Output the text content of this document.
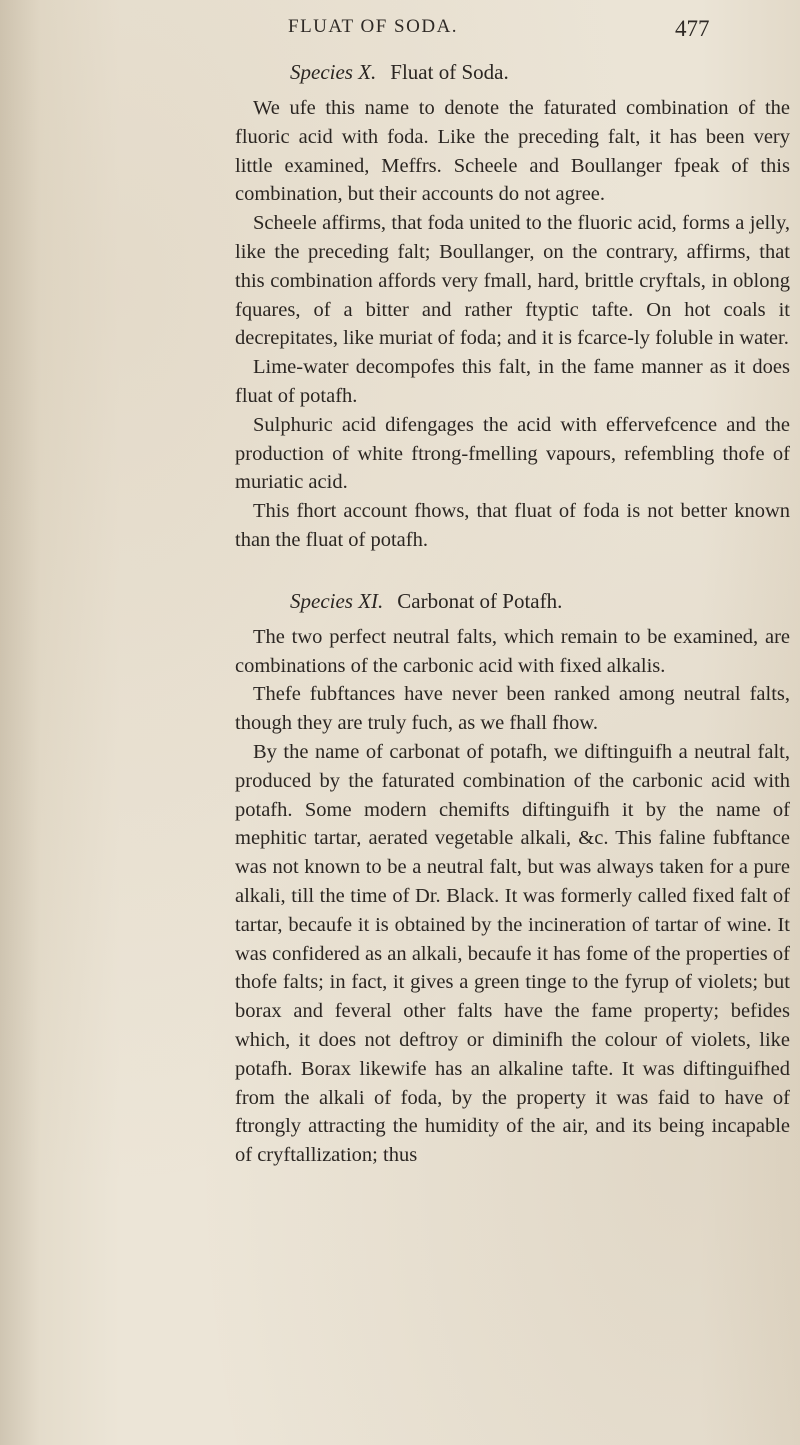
FLUAT OF SODA.	477
Species X. Fluat of Soda.

We ufe this name to denote the faturated combination of the fluoric acid with foda. Like the preceding falt, it has been very little examined, Meffrs. Scheele and Boullanger fpeak of this combination, but their accounts do not agree.

Scheele affirms, that foda united to the fluoric acid, forms a jelly, like the preceding falt; Boullanger, on the contrary, affirms, that this combination affords very fmall, hard, brittle cryftals, in oblong fquares, of a bitter and rather ftyptic tafte. On hot coals it decrepitates, like muriat of foda; and it is fcarce-ly foluble in water.

Lime-water decompofes this falt, in the fame manner as it does fluat of potafh.

Sulphuric acid difengages the acid with effervefcence and the production of white ftrong-fmelling vapours, refembling thofe of muriatic acid.

This fhort account fhows, that fluat of foda is not better known than the fluat of potafh.

Species XI. Carbonat of Potafh.

The two perfect neutral falts, which remain to be examined, are combinations of the carbonic acid with fixed alkalis.

Thefe fubftances have never been ranked among neutral falts, though they are truly fuch, as we fhall fhow.

By the name of carbonat of potafh, we diftinguifh a neutral falt, produced by the faturated combination of the carbonic acid with potafh. Some modern chemifts diftinguifh it by the name of mephitic tartar, aerated vegetable alkali, &c. This faline fubftance was not known to be a neutral falt, but was always taken for a pure alkali, till the time of Dr. Black. It was formerly called fixed falt of tartar, becaufe it is obtained by the incineration of tartar of wine. It was confidered as an alkali, becaufe it has fome of the properties of thofe falts; in fact, it gives a green tinge to the fyrup of violets; but borax and feveral other falts have the fame property; befides which, it does not deftroy or diminifh the colour of violets, like potafh. Borax likewife has an alkaline tafte. It was diftinguifhed from the alkali of foda, by the property it was faid to have of ftrongly attracting the humidity of the air, and its being incapable of cryftallization; thus
